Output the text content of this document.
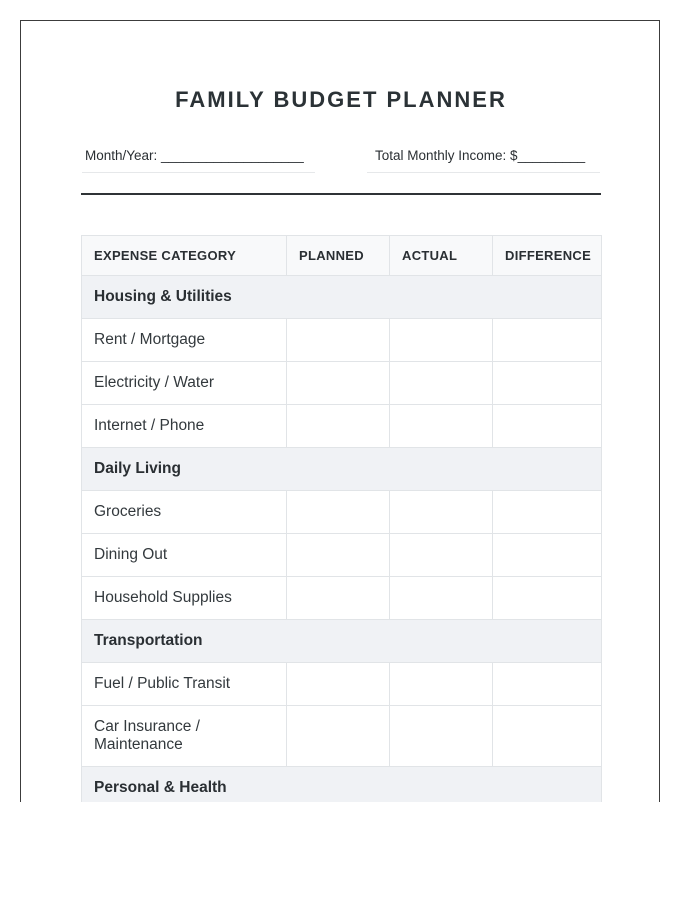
FAMILY BUDGET PLANNER
Month/Year: ___________________	Total Monthly Income: $_________
EXPENSE CATEGORY	PLANNED	ACTUAL	DIFFERENCE
Housing & Utilities			
Rent / Mortgage			
Electricity / Water			
Internet / Phone			
Daily Living			
Groceries			
Dining Out			
Household Supplies			
Transportation			
Fuel / Public Transit			
Car Insurance / Maintenance			
Personal & Health			
